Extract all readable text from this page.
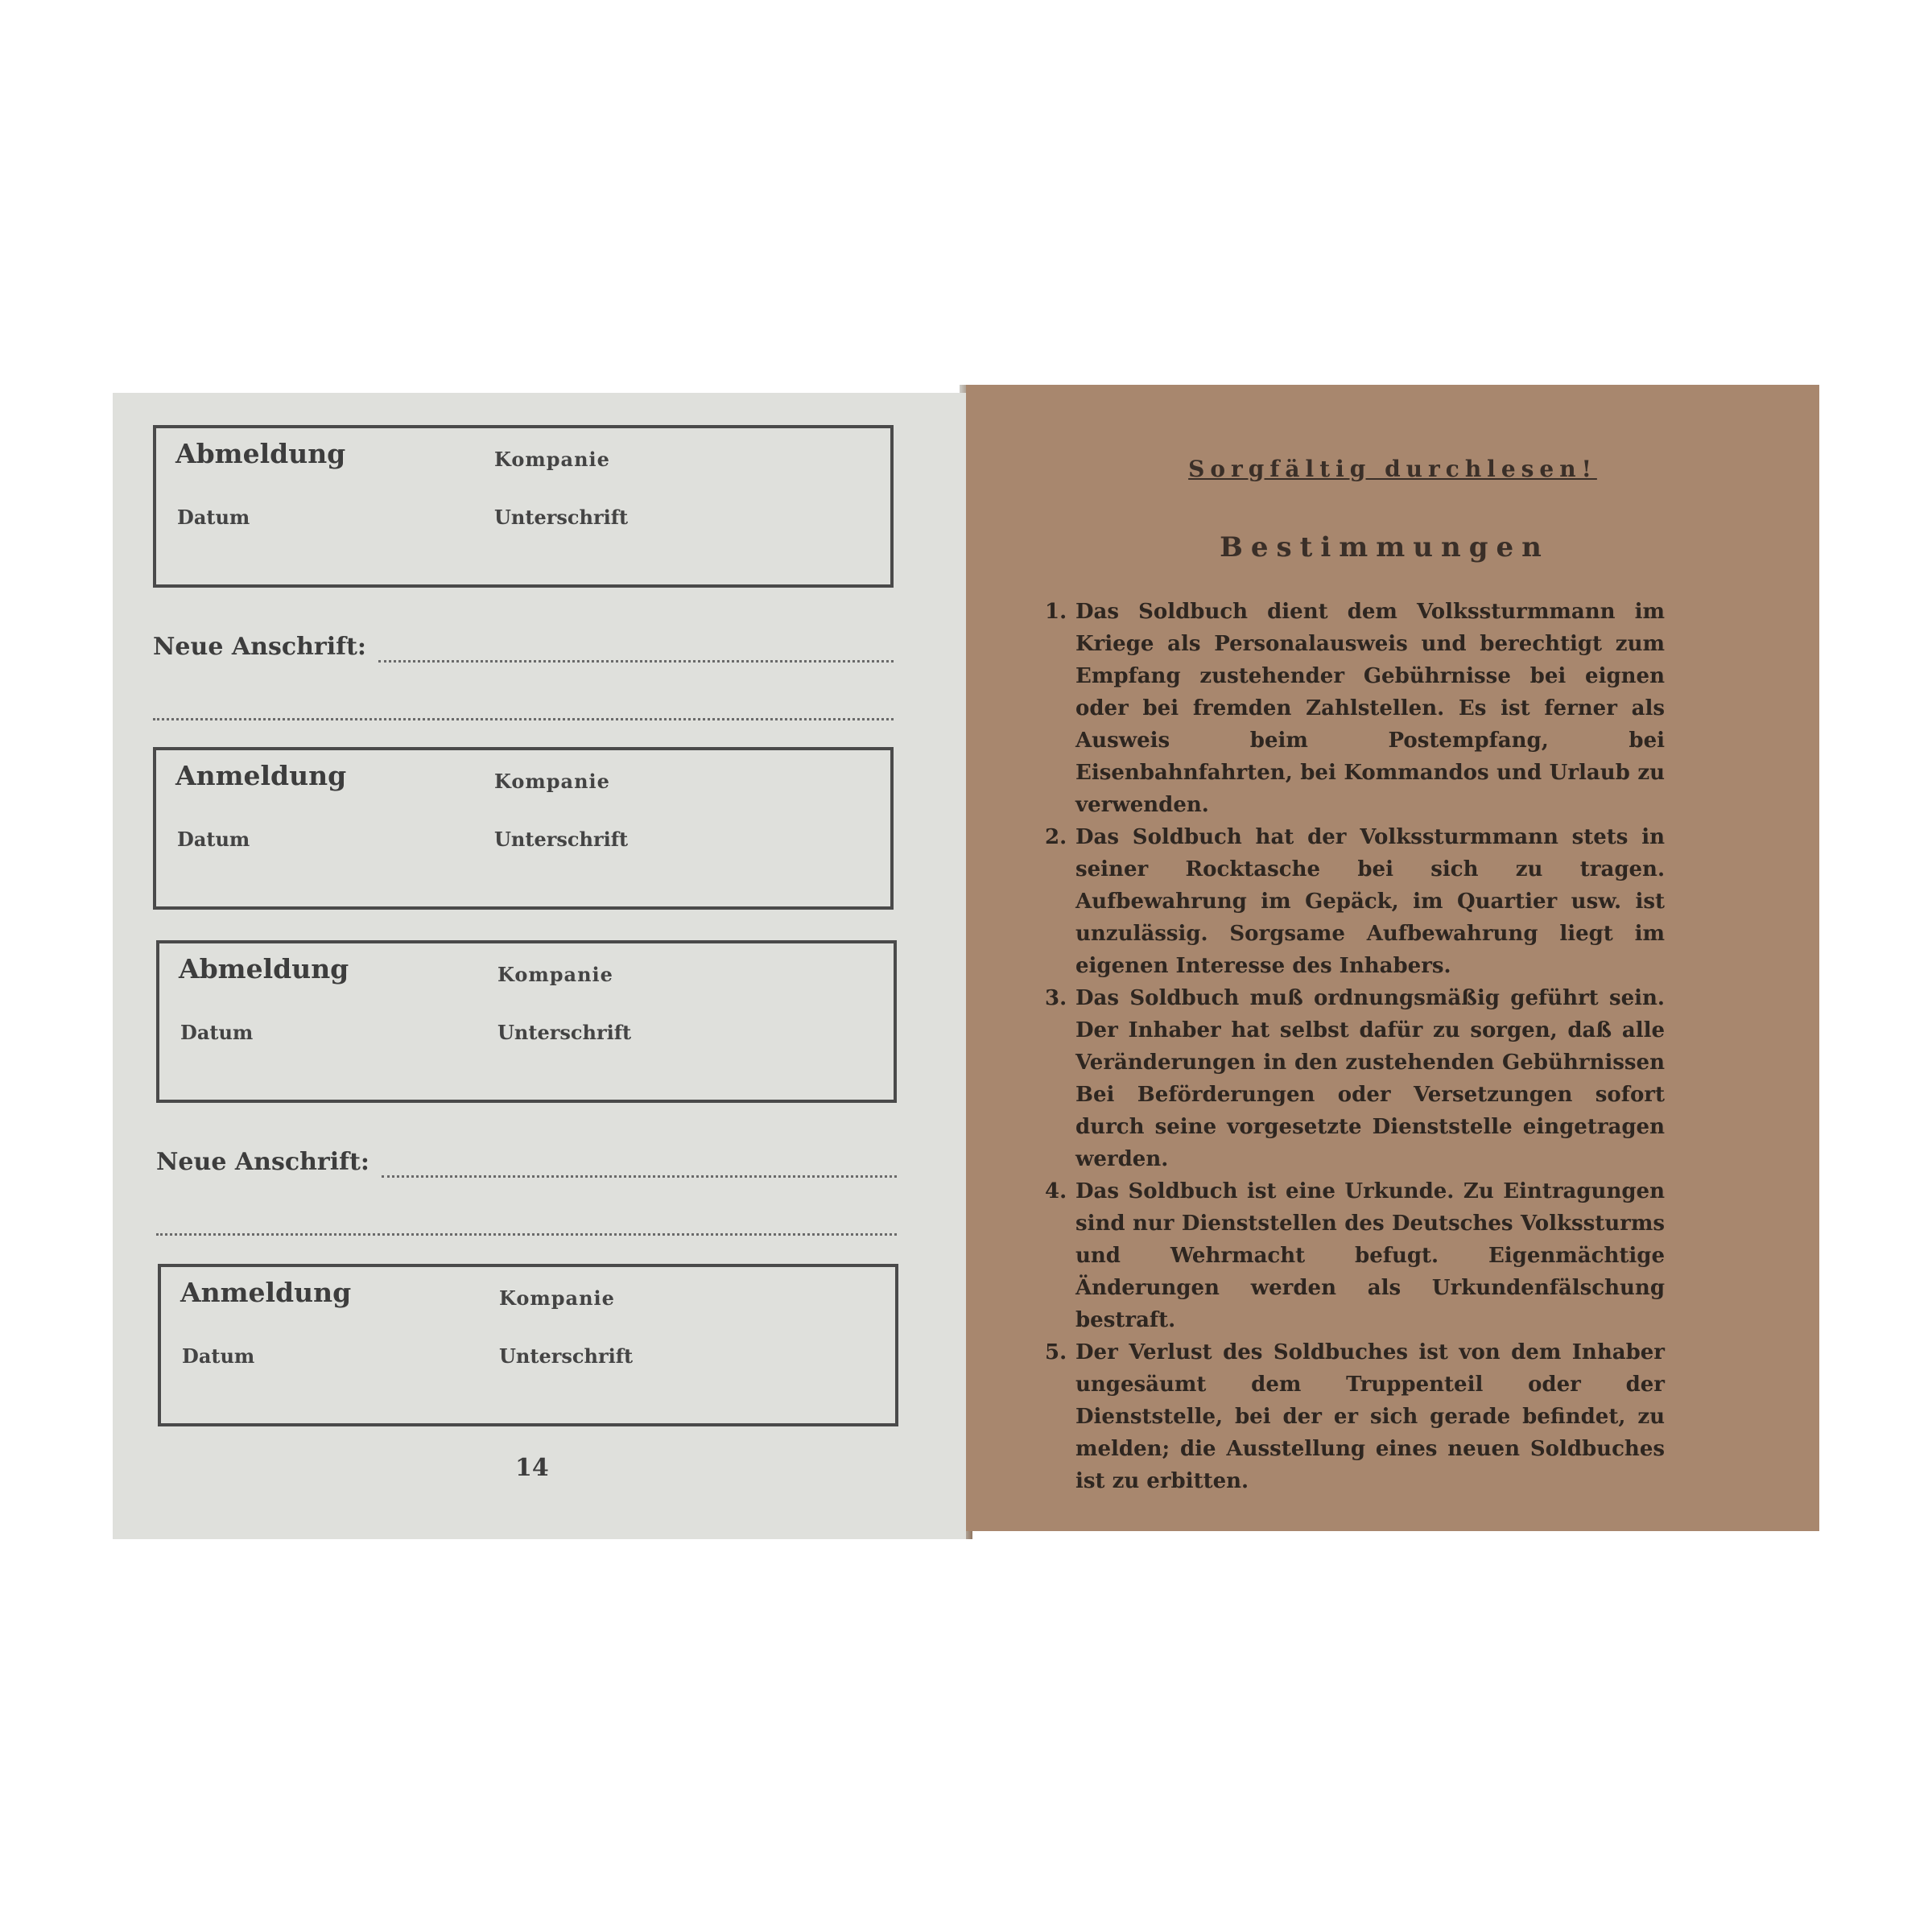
Abmeldung	Kompanie
Datum	Unterschrift
Neue Anschrift:
Anmeldung	Kompanie
Datum	Unterschrift
Abmeldung	Kompanie
Datum	Unterschrift
Neue Anschrift:
Anmeldung	Kompanie
Datum	Unterschrift
14
Sorgfältig durchlesen!
Bestimmungen
1. Das Soldbuch dient dem Volkssturmmann im Kriege als Personalausweis und berechtigt zum Empfang zustehender Gebührnisse bei eignen oder bei fremden Zahlstellen. Es ist ferner als Ausweis beim Postempfang, bei Eisenbahnfahrten, bei Kommandos und Urlaub zu verwenden.
2. Das Soldbuch hat der Volkssturmmann stets in seiner Rocktasche bei sich zu tragen. Aufbewahrung im Gepäck, im Quartier usw. ist unzulässig. Sorgsame Aufbewahrung liegt im eigenen Interesse des Inhabers.
3. Das Soldbuch muß ordnungsmäßig geführt sein. Der Inhaber hat selbst dafür zu sorgen, daß alle Veränderungen in den zustehenden Gebührnissen Bei Beförderungen oder Versetzungen sofort durch seine vorgesetzte Dienststelle eingetragen werden.
4. Das Soldbuch ist eine Urkunde. Zu Eintragungen sind nur Dienststellen des Deutsches Volkssturms und Wehrmacht befugt. Eigenmächtige Änderungen werden als Urkundenfälschung bestraft.
5. Der Verlust des Soldbuches ist von dem Inhaber ungesäumt dem Truppenteil oder der Dienststelle, bei der er sich gerade befindet, zu melden; die Ausstellung eines neuen Soldbuches ist zu erbitten.
